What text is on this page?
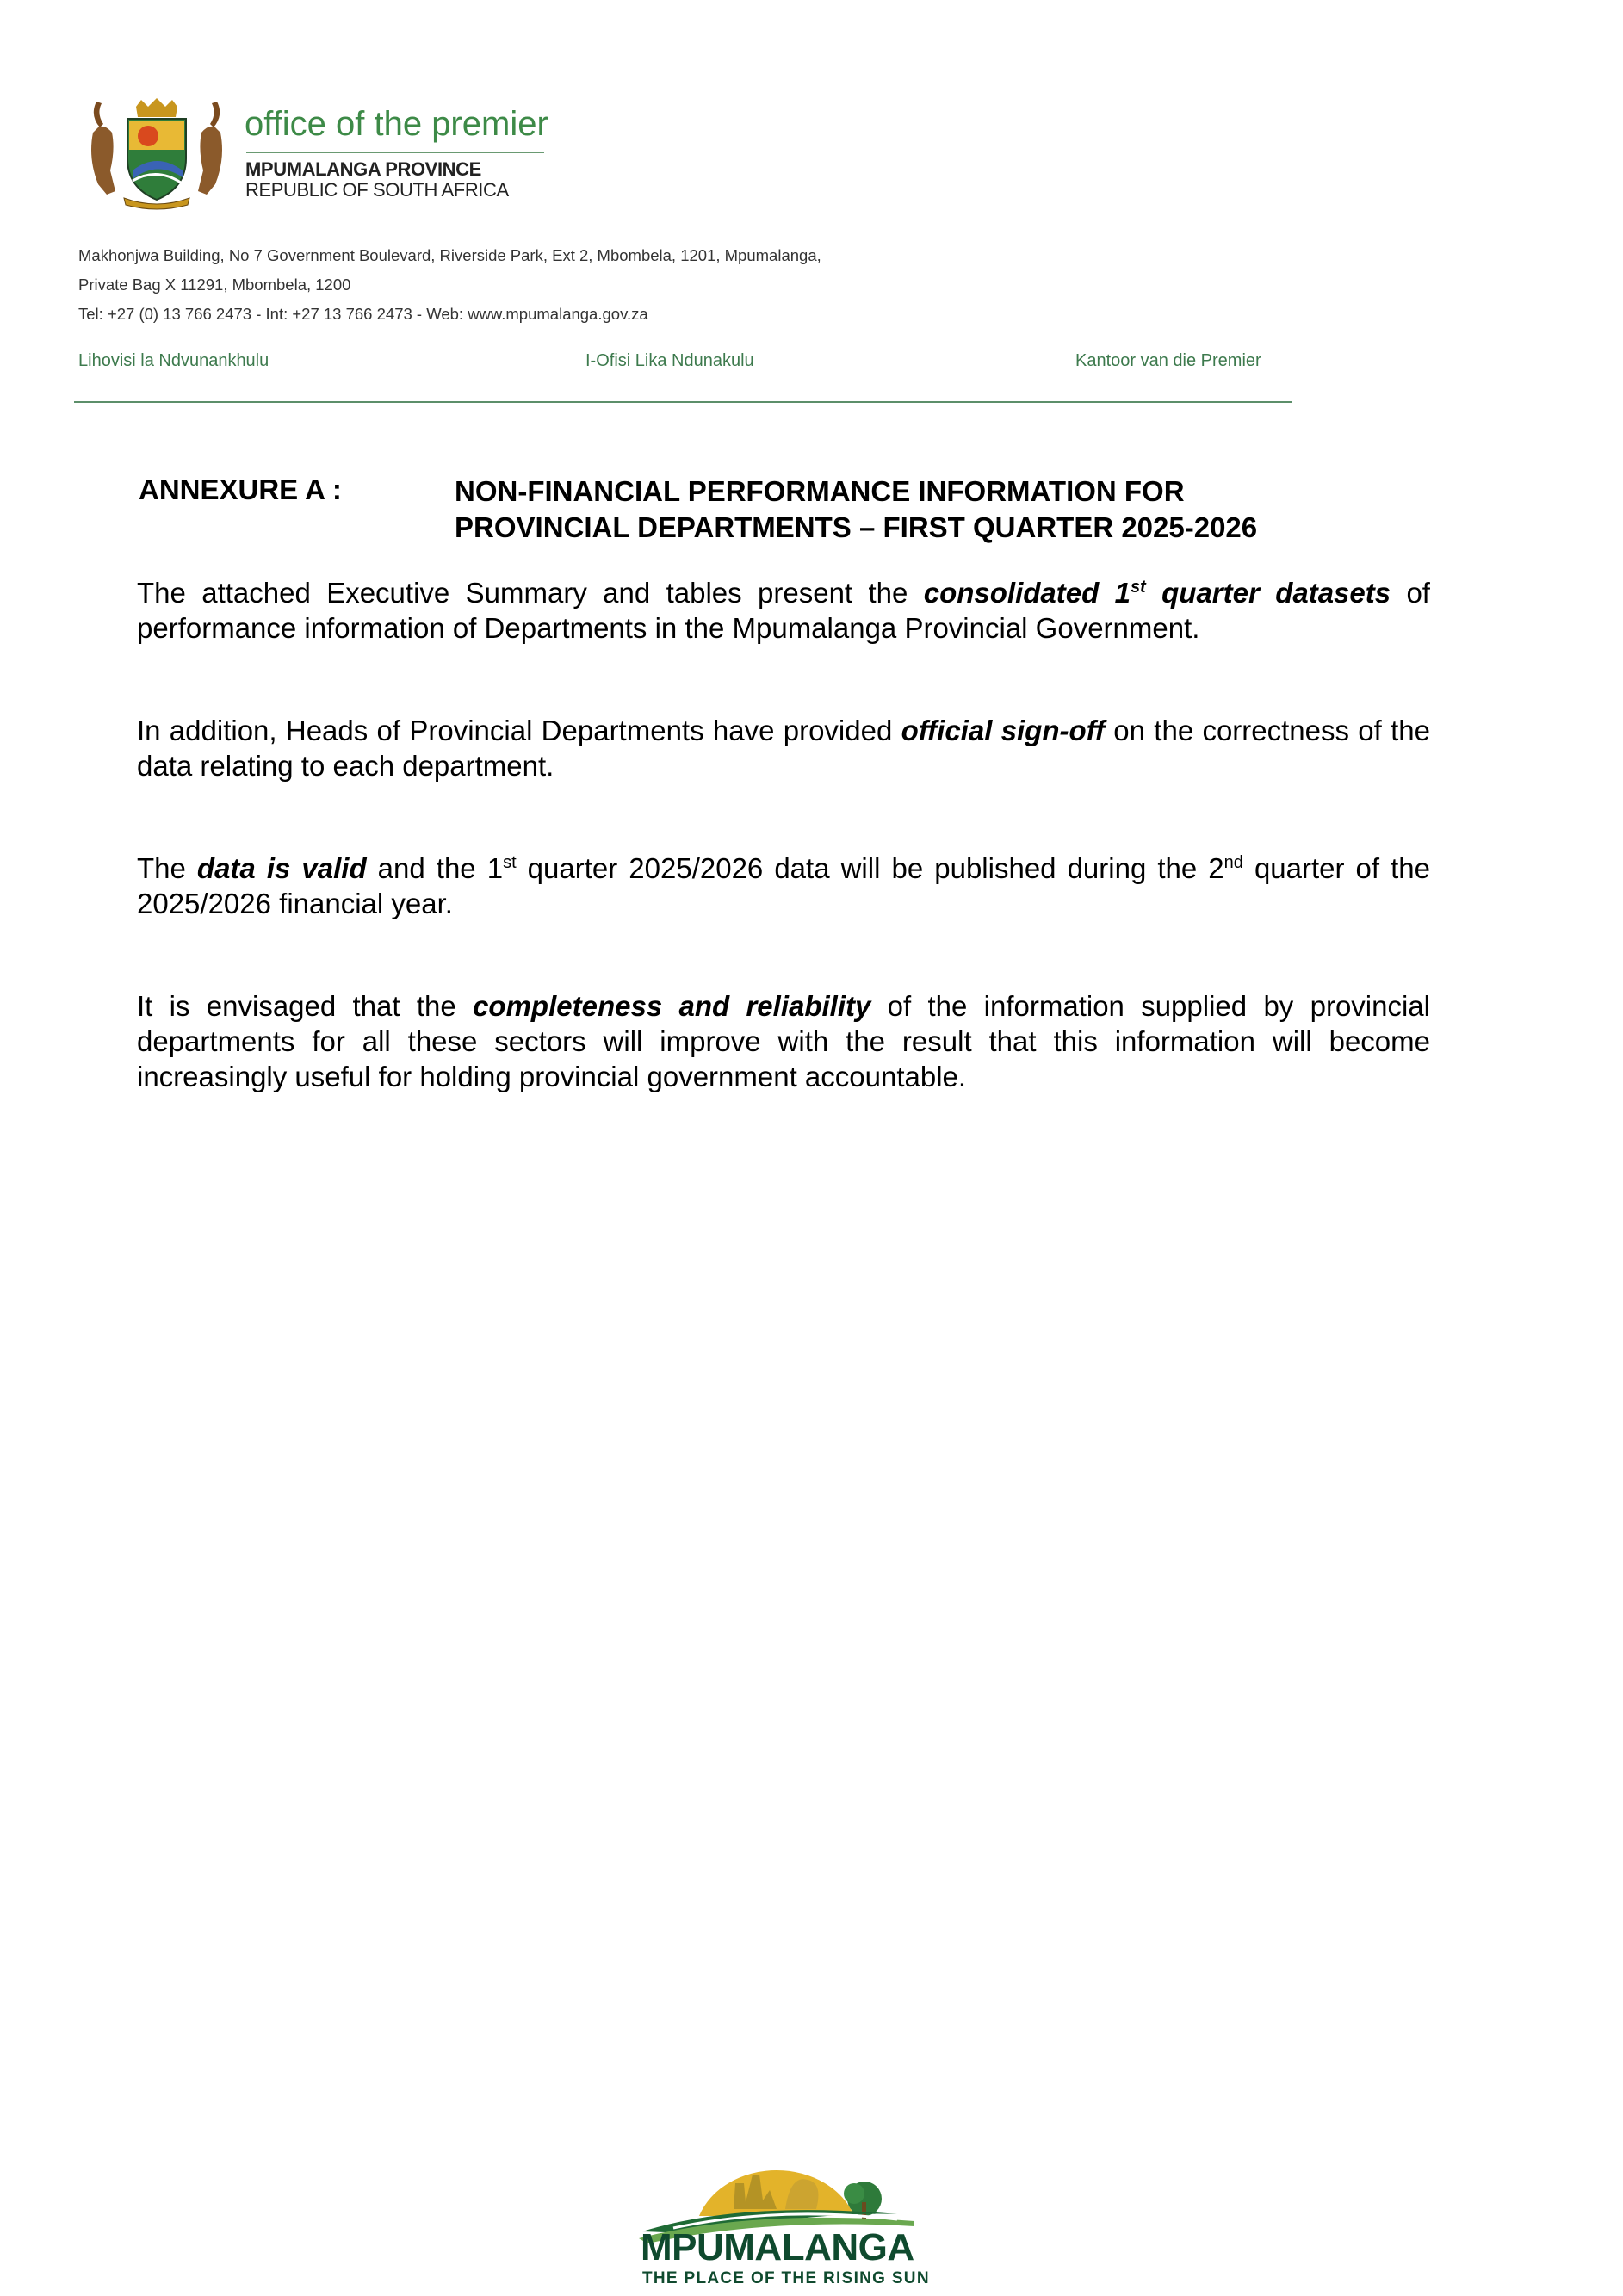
office of the premier
MPUMALANGA PROVINCE
REPUBLIC OF SOUTH AFRICA
Makhonjwa Building, No 7 Government Boulevard, Riverside Park, Ext 2, Mbombela, 1201, Mpumalanga,
Private Bag X 11291, Mbombela, 1200
Tel: +27 (0) 13 766 2473 - Int: +27 13 766 2473 - Web: www.mpumalanga.gov.za
Lihovisi la Ndvunankhulu	I-Ofisi Lika Ndunakulu	Kantoor van die Premier
ANNEXURE A :	NON-FINANCIAL PERFORMANCE INFORMATION FOR
PROVINCIAL DEPARTMENTS – FIRST QUARTER 2025-2026

The attached Executive Summary and tables present the consolidated 1st quarter datasets of performance information of Departments in the Mpumalanga Provincial Government.

In addition, Heads of Provincial Departments have provided official sign-off on the correctness of the data relating to each department.

The data is valid and the 1st quarter 2025/2026 data will be published during the 2nd quarter of the 2025/2026 financial year.

It is envisaged that the completeness and reliability of the information supplied by provincial departments for all these sectors will improve with the result that this information will become increasingly useful for holding provincial government accountable.

MPUMALANGA
THE PLACE OF THE RISING SUN
